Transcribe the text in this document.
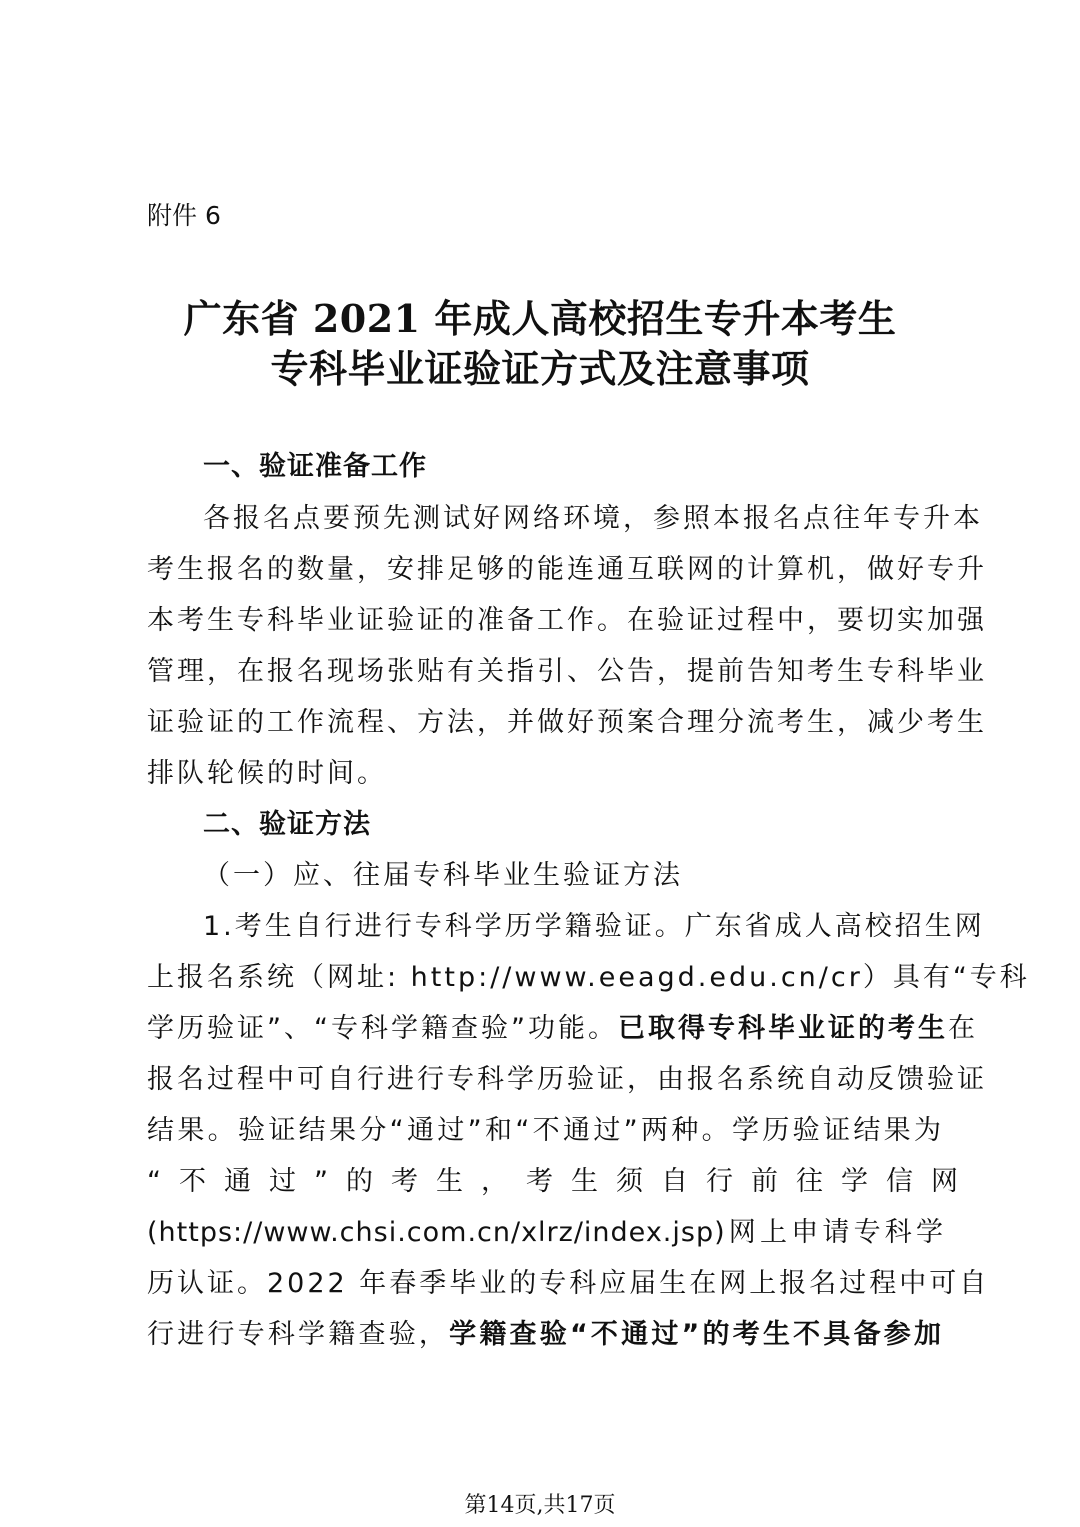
附件 6
广东省 2021 年成人高校招生专升本考生
专科毕业证验证方式及注意事项
一、验证准备工作
各报名点要预先测试好网络环境，参照本报名点往年专升本
考生报名的数量，安排足够的能连通互联网的计算机，做好专升
本考生专科毕业证验证的准备工作。在验证过程中，要切实加强
管理，在报名现场张贴有关指引、公告，提前告知考生专科毕业
证验证的工作流程、方法，并做好预案合理分流考生，减少考生
排队轮候的时间。
二、验证方法
（一）应、往届专科毕业生验证方法
1.考生自行进行专科学历学籍验证。广东省成人高校招生网
上报名系统（网址: http://www.eeagd.edu.cn/cr）具有“专科
学历验证”、“专科学籍查验”功能。已取得专科毕业证的考生在
报名过程中可自行进行专科学历验证，由报名系统自动反馈验证
结果。验证结果分“通过”和“不通过”两种。学历验证结果为
“不通过”的考生，考生须自行前往学信网
(https://www.chsi.com.cn/xlrz/index.jsp)网上申请专科学
历认证。2022 年春季毕业的专科应届生在网上报名过程中可自
行进行专科学籍查验，学籍查验“不通过”的考生不具备参加
第14页,共17页
